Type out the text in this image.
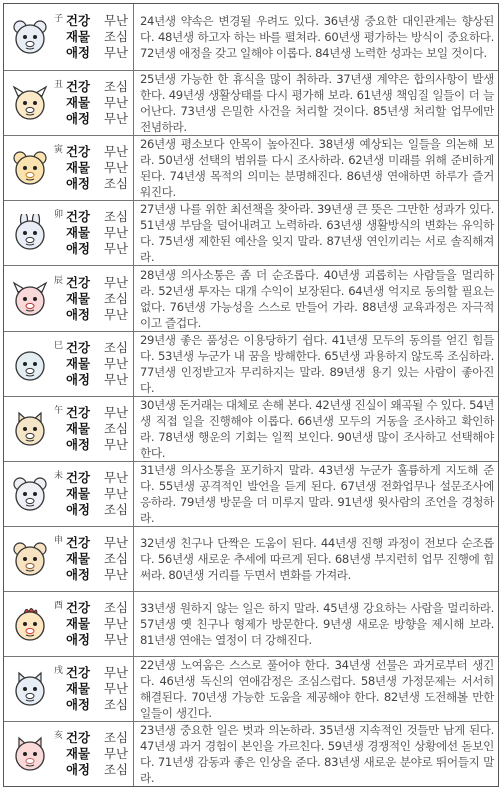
子 건강 무난
재물 조심
애정 무난
24년생 약속은 변경될 우려도 있다. 36년생 중요한 대인관계는 향상된다. 48년생 하고자 하는 바를 펼쳐라. 60년생 평가하는 방식이 중요하다. 72년생 애정을 갖고 일해야 이롭다. 84년생 노력한 성과는 보일 것이다.
丑 건강 조심
재물 무난
애정 무난
25년생 가능한 한 휴식을 많이 취하라. 37년생 계약은 합의사항이 발생한다. 49년생 생활상태를 다시 평가해 보라. 61년생 책임질 일들이 더 늘어난다. 73년생 은밀한 사건을 처리할 것이다. 85년생 처리할 업무에만 전념하라.
寅 건강 무난
재물 무난
애정 조심
26년생 평소보다 안목이 높아진다. 38년생 예상되는 일들을 의논해 보라. 50년생 선택의 범위를 다시 조사하라. 62년생 미래를 위해 준비하게 된다. 74년생 목적의 의미는 분명해진다. 86년생 연애하면 하루가 즐거워진다.
卯 건강 조심
재물 무난
애정 무난
27년생 나를 위한 최선책을 찾아라. 39년생 큰 뜻은 그만한 성과가 있다. 51년생 부담을 덜어내려고 노력하라. 63년생 생활방식의 변화는 유익하다. 75년생 제한된 예산을 잊지 말라. 87년생 연인끼리는 서로 솔직해져라.
辰 건강 무난
재물 조심
애정 무난
28년생 의사소통은 좀 더 순조롭다. 40년생 괴롭히는 사람들을 멀리하라. 52년생 투자는 대개 수익이 보장된다. 64년생 억지로 동의할 필요는 없다. 76년생 가능성을 스스로 만들어 가라. 88년생 교육과정은 자극적이고 즐겁다.
巳 건강 조심
재물 무난
애정 무난
29년생 좋은 품성은 이용당하기 쉽다. 41년생 모두의 동의를 얻긴 힘들다. 53년생 누군가 내 꿈을 방해한다. 65년생 과용하지 않도록 조심하라. 77년생 인정받고자 무리하지는 말라. 89년생 용기 있는 사람이 좋아진다.
午 건강 무난
재물 조심
애정 무난
30년생 돈거래는 대체로 손해 본다. 42년생 진실이 왜곡될 수 있다. 54년생 직접 일을 진행해야 이롭다. 66년생 모두의 거동을 조사하고 확인하라. 78년생 행운의 기회는 일찍 보인다. 90년생 많이 조사하고 선택해야 한다.
未 건강 무난
재물 무난
애정 조심
31년생 의사소통을 포기하지 말라. 43년생 누군가 훌륭하게 지도해 준다. 55년생 공격적인 발언을 듣게 된다. 67년생 전화업무나 설문조사에 응하라. 79년생 방문을 더 미루지 말라. 91년생 윗사람의 조언을 경청하라.
申 건강 무난
재물 조심
애정 무난
32년생 친구나 단짝은 도움이 된다. 44년생 진행 과정이 전보다 순조롭다. 56년생 새로운 추세에 따르게 된다. 68년생 부지런히 업무 진행에 힘써라. 80년생 거리를 두면서 변화를 가져라.
酉 건강 조심
재물 무난
애정 무난
33년생 원하지 않는 일은 하지 말라. 45년생 강요하는 사람을 멀리하라. 57년생 옛 친구나 형제가 방문한다. 9년생 새로운 방향을 제시해 보라. 81년생 연애는 열정이 더 강해진다.
戌 건강 무난
재물 무난
애정 조심
22년생 노여움은 스스로 풀어야 한다. 34년생 선물은 과거로부터 생긴다. 46년생 독신의 연애감정은 조심스럽다. 58년생 가정문제는 서서히 해결된다. 70년생 가능한 도움을 제공해야 한다. 82년생 도전해볼 만한 일들이 생긴다.
亥 건강 조심
재물 무난
애정 조심
23년생 중요한 일은 벗과 의논하라. 35년생 지속적인 것들만 남게 된다. 47년생 과거 경험이 본인을 가르친다. 59년생 경쟁적인 상황에선 돋보인다. 71년생 감동과 좋은 인상을 준다. 83년생 새로운 분야로 뛰어들지 말라.
